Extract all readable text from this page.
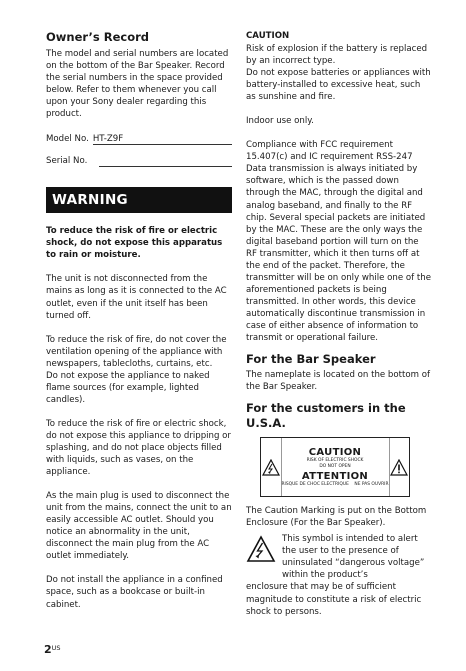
Owner’s Record

The model and serial numbers are located on the bottom of the Bar Speaker. Record the serial numbers in the space provided below. Refer to them whenever you call upon your Sony dealer regarding this product.

Model No. HT-Z9F
Serial No.
WARNING

To reduce the risk of fire or electric shock, do not expose this apparatus to rain or moisture.

The unit is not disconnected from the mains as long as it is connected to the AC outlet, even if the unit itself has been turned off.

To reduce the risk of fire, do not cover the ventilation opening of the appliance with newspapers, tablecloths, curtains, etc.

Do not expose the appliance to naked flame sources (for example, lighted candles).

To reduce the risk of fire or electric shock, do not expose this appliance to dripping or splashing, and do not place objects filled with liquids, such as vases, on the appliance.

As the main plug is used to disconnect the unit from the mains, connect the unit to an easily accessible AC outlet. Should you notice an abnormality in the unit, disconnect the main plug from the AC outlet immediately.

Do not install the appliance in a confined space, such as a bookcase or built-in cabinet.

CAUTION

Risk of explosion if the battery is replaced by an incorrect type.

Do not expose batteries or appliances with battery-installed to excessive heat, such as sunshine and fire.

Indoor use only.

Compliance with FCC requirement 15.407(c) and IC requirement RSS-247 Data transmission is always initiated by software, which is the passed down through the MAC, through the digital and analog baseband, and finally to the RF chip. Several special packets are initiated by the MAC. These are the only ways the digital baseband portion will turn on the RF transmitter, which it then turns off at the end of the packet. Therefore, the transmitter will be on only while one of the aforementioned packets is being transmitted. In other words, this device automatically discontinue transmission in case of either absence of information to transmit or operational failure.

For the Bar Speaker

The nameplate is located on the bottom of the Bar Speaker.

For the customers in the U.S.A.
CAUTION
RISK OF ELECTRIC SHOCK
DO NOT OPEN
ATTENTION
RISQUE DE CHOC ELECTRIQUE    NE PAS OUVRIR

The Caution Marking is put on the Bottom Enclosure (For the Bar Speaker).

This symbol is intended to alert the user to the presence of uninsulated “dangerous voltage” within the product’s

enclosure that may be of sufficient magnitude to constitute a risk of electric shock to persons.

$2^{US}$
